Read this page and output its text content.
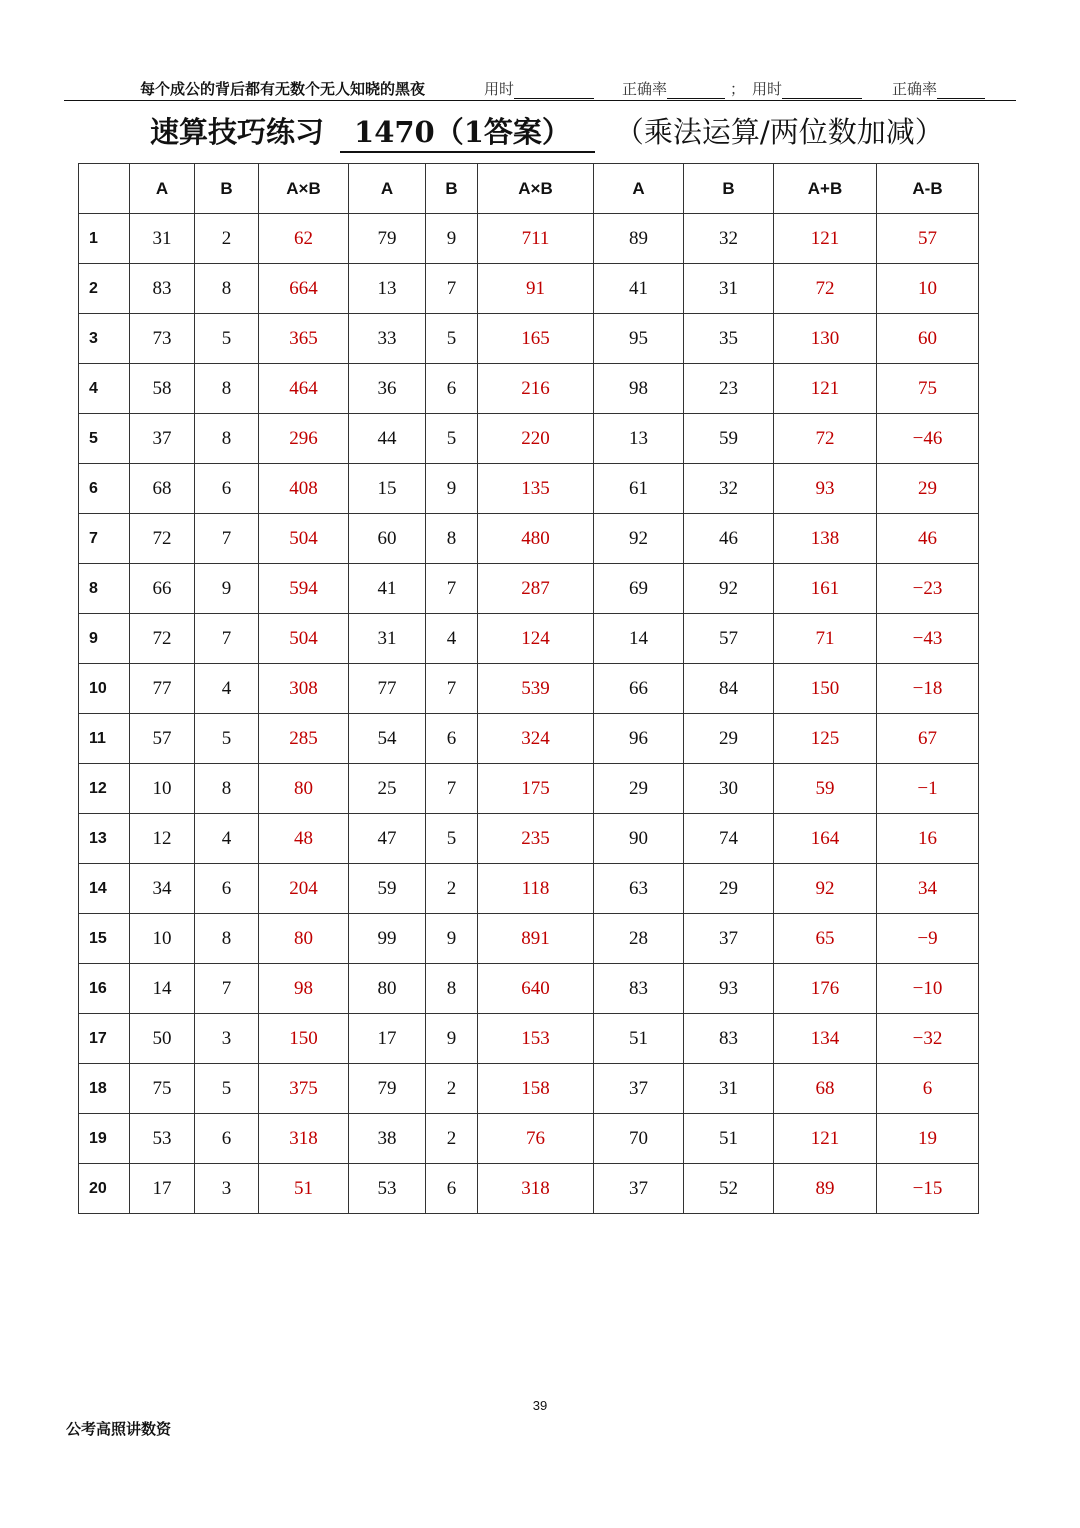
每个成公的背后都有无数个无人知晓的黑夜	用时	正确率	； 用时	正确率
速算技巧练习 1470（1答案） （乘法运算/两位数加减）
	A	B	A×B	A	B	A×B	A	B	A+B	A-B
1	31	2	62	79	9	711	89	32	121	57
2	83	8	664	13	7	91	41	31	72	10
3	73	5	365	33	5	165	95	35	130	60
4	58	8	464	36	6	216	98	23	121	75
5	37	8	296	44	5	220	13	59	72	−46
6	68	6	408	15	9	135	61	32	93	29
7	72	7	504	60	8	480	92	46	138	46
8	66	9	594	41	7	287	69	92	161	−23
9	72	7	504	31	4	124	14	57	71	−43
10	77	4	308	77	7	539	66	84	150	−18
11	57	5	285	54	6	324	96	29	125	67
12	10	8	80	25	7	175	29	30	59	−1
13	12	4	48	47	5	235	90	74	164	16
14	34	6	204	59	2	118	63	29	92	34
15	10	8	80	99	9	891	28	37	65	−9
16	14	7	98	80	8	640	83	93	176	−10
17	50	3	150	17	9	153	51	83	134	−32
18	75	5	375	79	2	158	37	31	68	6
19	53	6	318	38	2	76	70	51	121	19
20	17	3	51	53	6	318	37	52	89	−15
39
公考高照讲数资
